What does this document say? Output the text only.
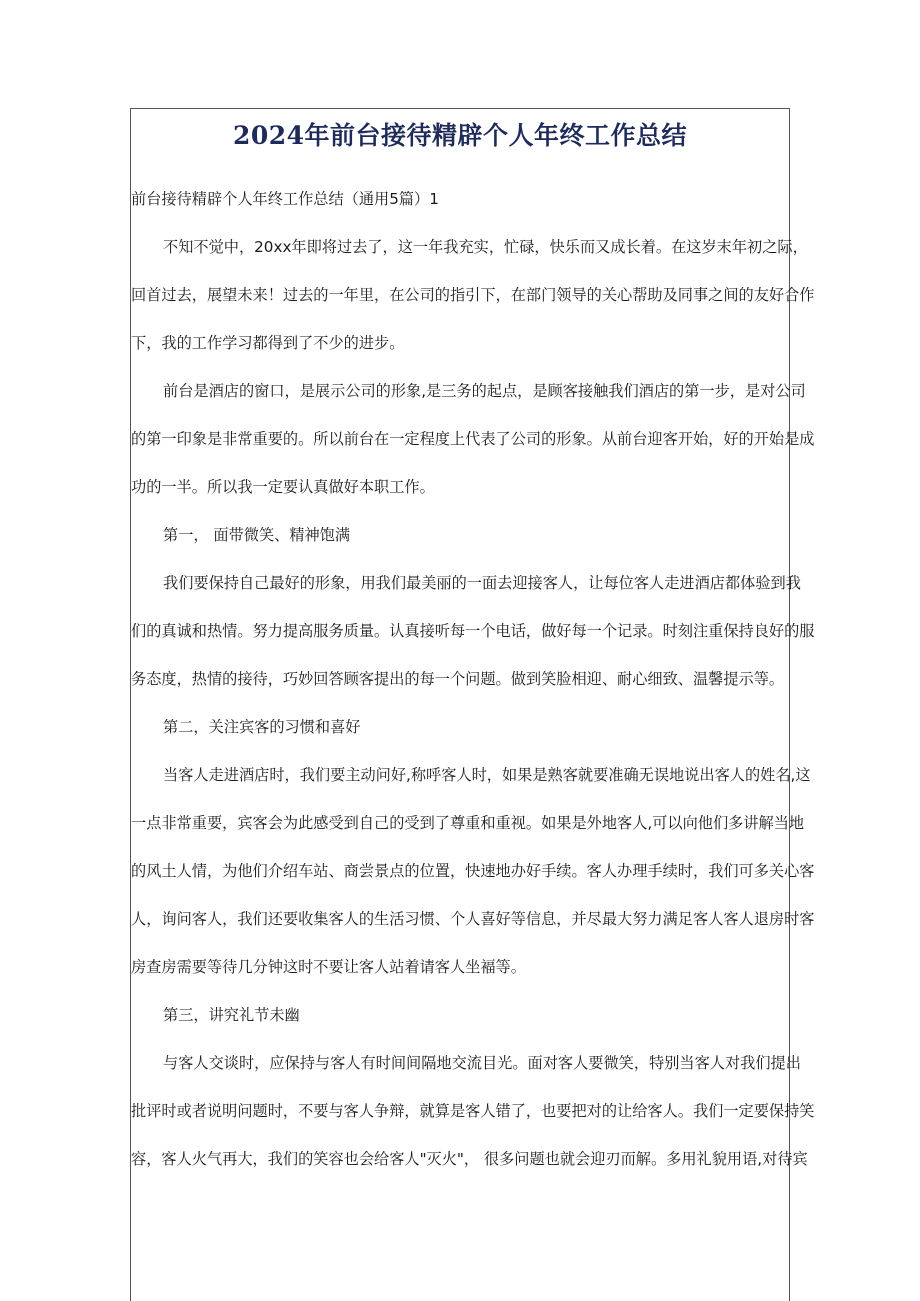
2024年前台接待精辟个人年终工作总结

前台接待精辟个人年终工作总结（通用5篇）1

不知不觉中，20xx年即将过去了，这一年我充实，忙碌，快乐而又成长着。在这岁末年初之际，
回首过去，展望未来！过去的一年里，在公司的指引下，在部门领导的关心帮助及同事之间的友好合作
下，我的工作学习都得到了不少的进步。
前台是酒店的窗口，是展示公司的形象,是三务的起点，是顾客接触我们酒店的第一步，是对公司
的第一印象是非常重要的。所以前台在一定程度上代表了公司的形象。从前台迎客开始，好的开始是成
功的一半。所以我一定要认真做好本职工作。
第一， 面带微笑、精神饱满
我们要保持自己最好的形象，用我们最美丽的一面去迎接客人，让每位客人走进酒店都体验到我
们的真诚和热情。努力提高服务质量。认真接听每一个电话，做好每一个记录。时刻注重保持良好的服
务态度，热情的接待，巧妙回答顾客提出的每一个问题。做到笑脸相迎、耐心细致、温馨提示等。
第二，关注宾客的习惯和喜好
当客人走进酒店时，我们要主动问好,称呼客人时，如果是熟客就要准确无误地说出客人的姓名,这
一点非常重要，宾客会为此感受到自己的受到了尊重和重视。如果是外地客人,可以向他们多讲解当地
的风土人情，为他们介绍车站、商尝景点的位置，快速地办好手续。客人办理手续时，我们可多关心客
人，询问客人，我们还要收集客人的生活习惯、个人喜好等信息，并尽最大努力满足客人客人退房时客
房查房需要等待几分钟这时不要让客人站着请客人坐褔等。
第三，讲究礼节未幽
与客人交谈时，应保持与客人有时间间隔地交流目光。面对客人要微笑，特别当客人对我们提出
批评时或者说明问题时，不要与客人争辩，就算是客人错了，也要把对的让给客人。我们一定要保持笑
容，客人火气再大，我们的笑容也会给客人"灭火"， 很多问题也就会迎刃而解。多用礼貌用语,对待宾
